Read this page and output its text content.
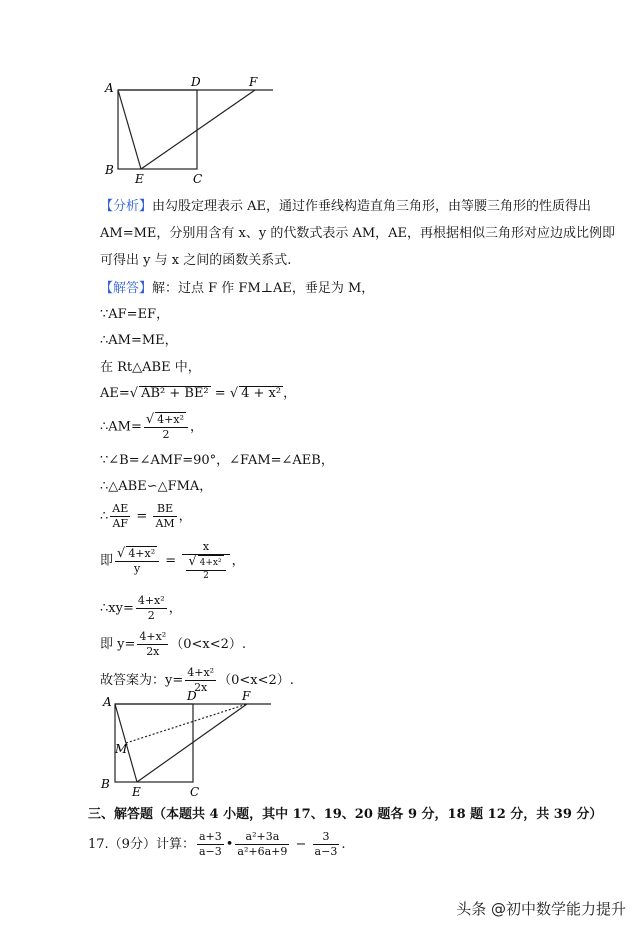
A	D	F
B
E	C
【分析】由勾股定理表示 AE，通过作垂线构造直角三角形，由等腰三角形的性质得出
AM=ME，分别用含有 x、y 的代数式表示 AM，AE，再根据相似三角形对应边成比例即
可得出 y 与 x 之间的函数关系式.
【解答】解：过点 F 作 FM⊥AE，垂足为 M，
∵AF=EF，
∴AM=ME，
在 Rt△ABE 中，
AE=√ AB² + BE² = √ 4 + x² ，
∴AM= $\frac{\text{√ 4+x²}}{2}$ ，
∵∠B=∠AMF=90°，∠FAM=∠AEB，
∴△ABE∽△FMA，
∴ $\frac{AE}{AF} = \frac{BE}{AM}$ ，
即 $\frac{\text{√ 4+x²}}{y} = \frac{x}{\frac{\text{√ 4+x²}}{2}}$ ，
∴xy= $\frac{\text{4+x²}}{2}$ ，
即 $y= \frac{\text{4+x²}}{2x} (0<x<2)$.
故答案为：$y= \frac{\text{4+x²}}{2x} (0<x<2)$.
A	D	F
M
B
E	C
三、解答题（本题共 4 小题，其中 17、19、20 题各 9 分，18 题 12 分，共 39 分）
17.（9分）计算： $\frac{a+3}{a-3}$ • $\frac{\text{a²+3a}}{\text{a²+6a+9}} - \frac{3}{a-3}$ .
头条 @初中数学能力提升
